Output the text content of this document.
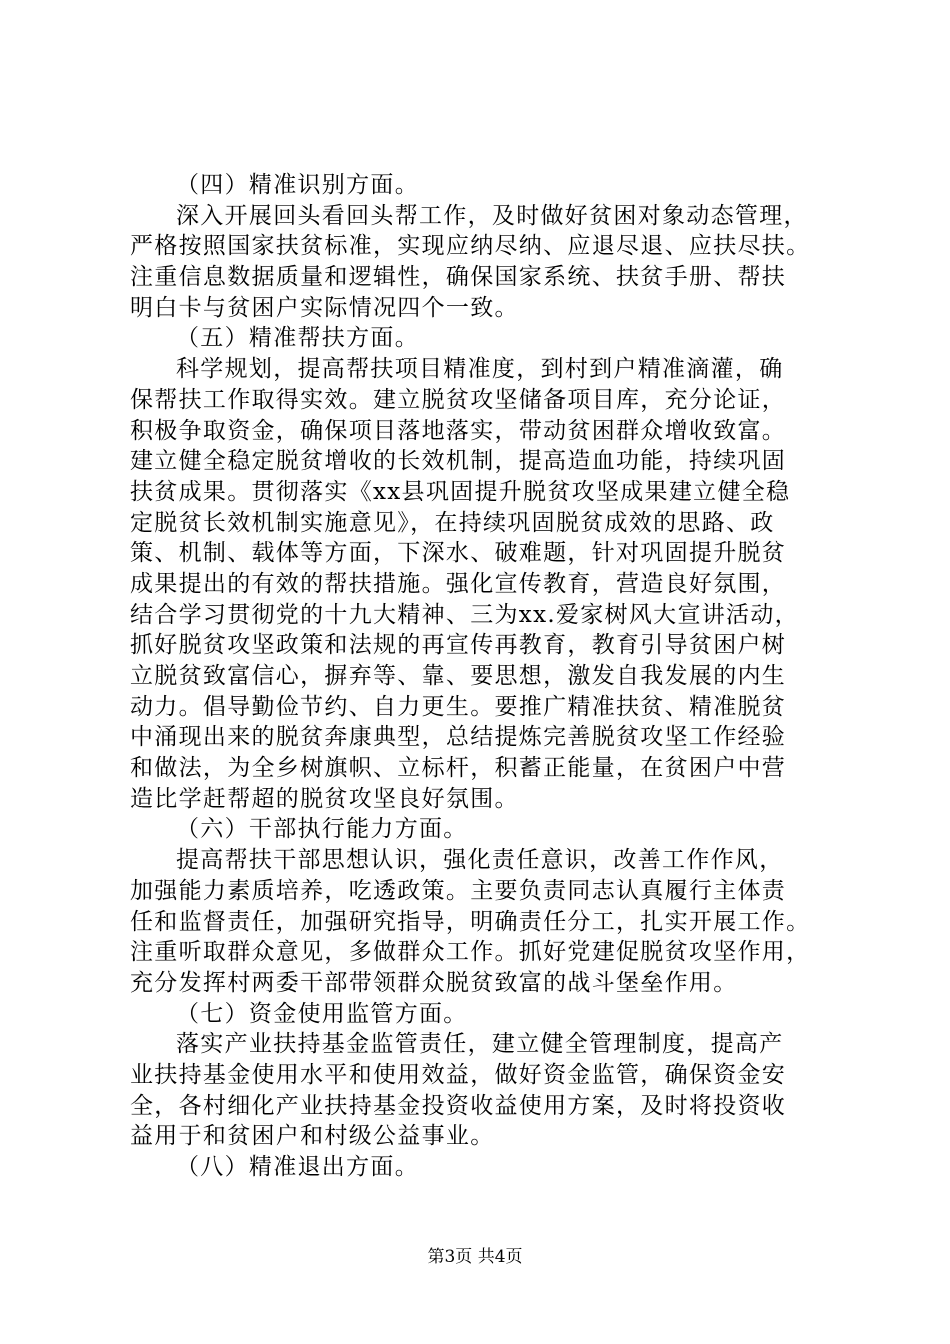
（四）精准识别方面。
深入开展回头看回头帮工作，及时做好贫困对象动态管理，
严格按照国家扶贫标准，实现应纳尽纳、应退尽退、应扶尽扶。
注重信息数据质量和逻辑性，确保国家系统、扶贫手册、帮扶
明白卡与贫困户实际情况四个一致。
（五）精准帮扶方面。
科学规划，提高帮扶项目精准度，到村到户精准滴灌，确
保帮扶工作取得实效。建立脱贫攻坚储备项目库，充分论证，
积极争取资金，确保项目落地落实，带动贫困群众增收致富。
建立健全稳定脱贫增收的长效机制，提高造血功能，持续巩固
扶贫成果。贯彻落实《xx县巩固提升脱贫攻坚成果建立健全稳
定脱贫长效机制实施意见》，在持续巩固脱贫成效的思路、政
策、机制、载体等方面，下深水、破难题，针对巩固提升脱贫
成果提出的有效的帮扶措施。强化宣传教育，营造良好氛围，
结合学习贯彻党的十九大精神、三为xx.爱家树风大宣讲活动，
抓好脱贫攻坚政策和法规的再宣传再教育，教育引导贫困户树
立脱贫致富信心，摒弃等、靠、要思想，激发自我发展的内生
动力。倡导勤俭节约、自力更生。要推广精准扶贫、精准脱贫
中涌现出来的脱贫奔康典型，总结提炼完善脱贫攻坚工作经验
和做法，为全乡树旗帜、立标杆，积蓄正能量，在贫困户中营
造比学赶帮超的脱贫攻坚良好氛围。
（六）干部执行能力方面。
提高帮扶干部思想认识，强化责任意识，改善工作作风，
加强能力素质培养，吃透政策。主要负责同志认真履行主体责
任和监督责任，加强研究指导，明确责任分工，扎实开展工作。
注重听取群众意见，多做群众工作。抓好党建促脱贫攻坚作用，
充分发挥村两委干部带领群众脱贫致富的战斗堡垒作用。
（七）资金使用监管方面。
落实产业扶持基金监管责任，建立健全管理制度，提高产
业扶持基金使用水平和使用效益，做好资金监管，确保资金安
全，各村细化产业扶持基金投资收益使用方案，及时将投资收
益用于和贫困户和村级公益事业。
（八）精准退出方面。
第3页 共4页
